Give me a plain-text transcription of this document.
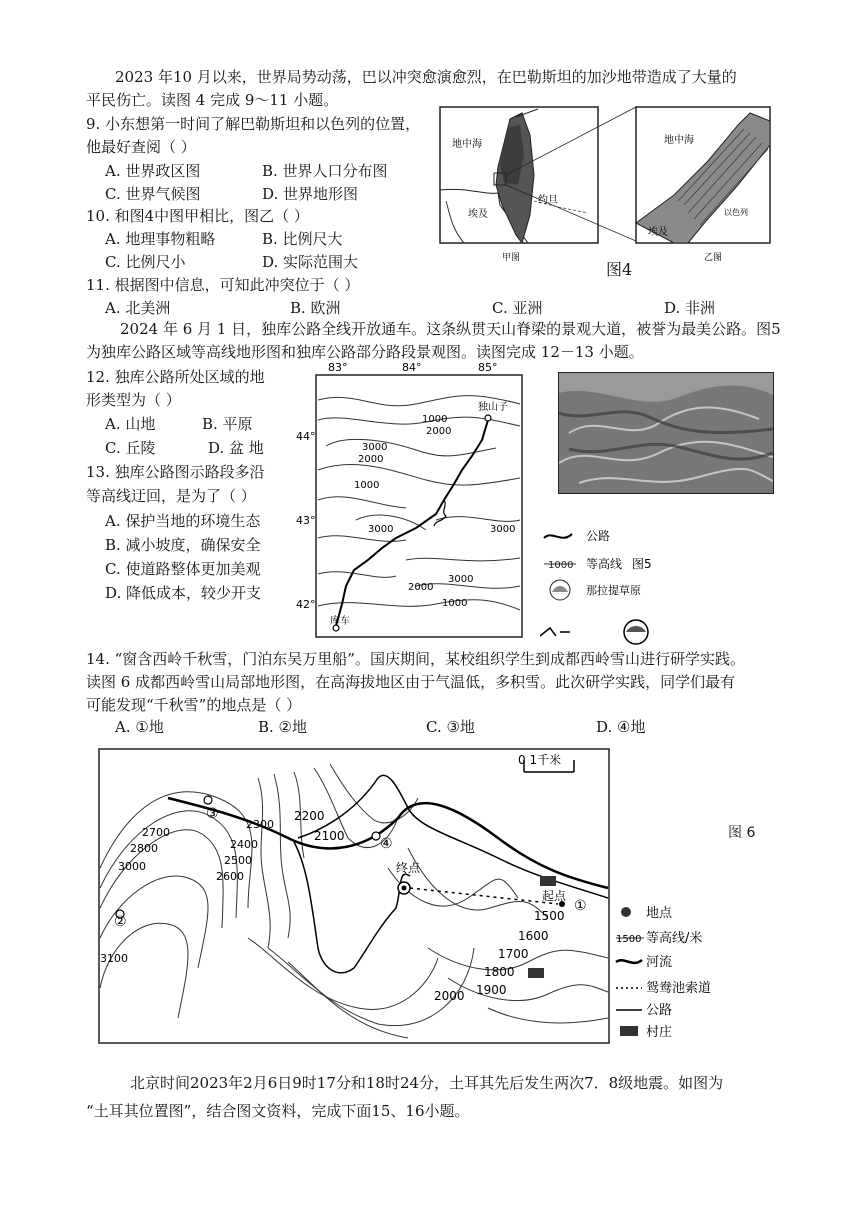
2023 年10 月以来，世界局势动荡，巴以冲突愈演愈烈，在巴勒斯坦的加沙地带造成了大量的
平民伤亡。读图 4 完成 9～11 小题。
9. 小东想第一时间了解巴勒斯坦和以色列的位置，
他最好查阅（ ）
A. 世界政区图	B. 世界人口分布图
C. 世界气候图	D. 世界地形图
10. 和图4中图甲相比，图乙（ ）
A. 地理事物粗略	B. 比例尺大
C. 比例尺小	D. 实际范围大
11. 根据图中信息，可知此冲突位于（ ）
A. 北美洲	B. 欧洲	C. 亚洲	D. 非洲
地中海
埃及
约旦
甲图
地中海
埃及
以色列
乙图
图4
2024 年 6 月 1 日，独库公路全线开放通车。这条纵贯天山脊梁的景观大道，被誉为最美公路。图5
为独库公路区域等高线地形图和独库公路部分路段景观图。读图完成 12－13 小题。
12. 独库公路所处区域的地
形类型为（ ）
A. 山地	B. 平原
C. 丘陵	D. 盆 地
13. 独库公路图示路段多沿
等高线迂回，是为了（ ）
A. 保护当地的环境生态
B. 减小坡度，确保安全
C. 使道路整体更加美观
D. 降低成本，较少开支
83°	84°	85°
44°
43°
42°
1000
2000
3000
2000
1000
3000	3000
3000
2000
1000
独山子
库车
公路
1000 等高线 图5
那拉提草原
14. “窗含西岭千秋雪，门泊东吴万里船”。国庆期间，某校组织学生到成都西岭雪山进行研学实践。
读图 6 成都西岭雪山局部地形图，在高海拔地区由于气温低，多积雪。此次研学实践，同学们最有
可能发现“千秋雪”的地点是（ ）
A. ①地	B. ②地	C. ③地	D. ④地
0 1千米
③
②
④
①
终点
起点
2700
2800
3000
3100
2300
2400
2500
2600
2200
2100
1500
1600
1700
1800
1900
2000
图 6
地点
1500 等高线/米
河流
鸳鸯池索道
公路
村庄
北京时间2023年2月6日9时17分和18时24分，土耳其先后发生两次7．8级地震。如图为
“土耳其位置图”，结合图文资料，完成下面15、16小题。
